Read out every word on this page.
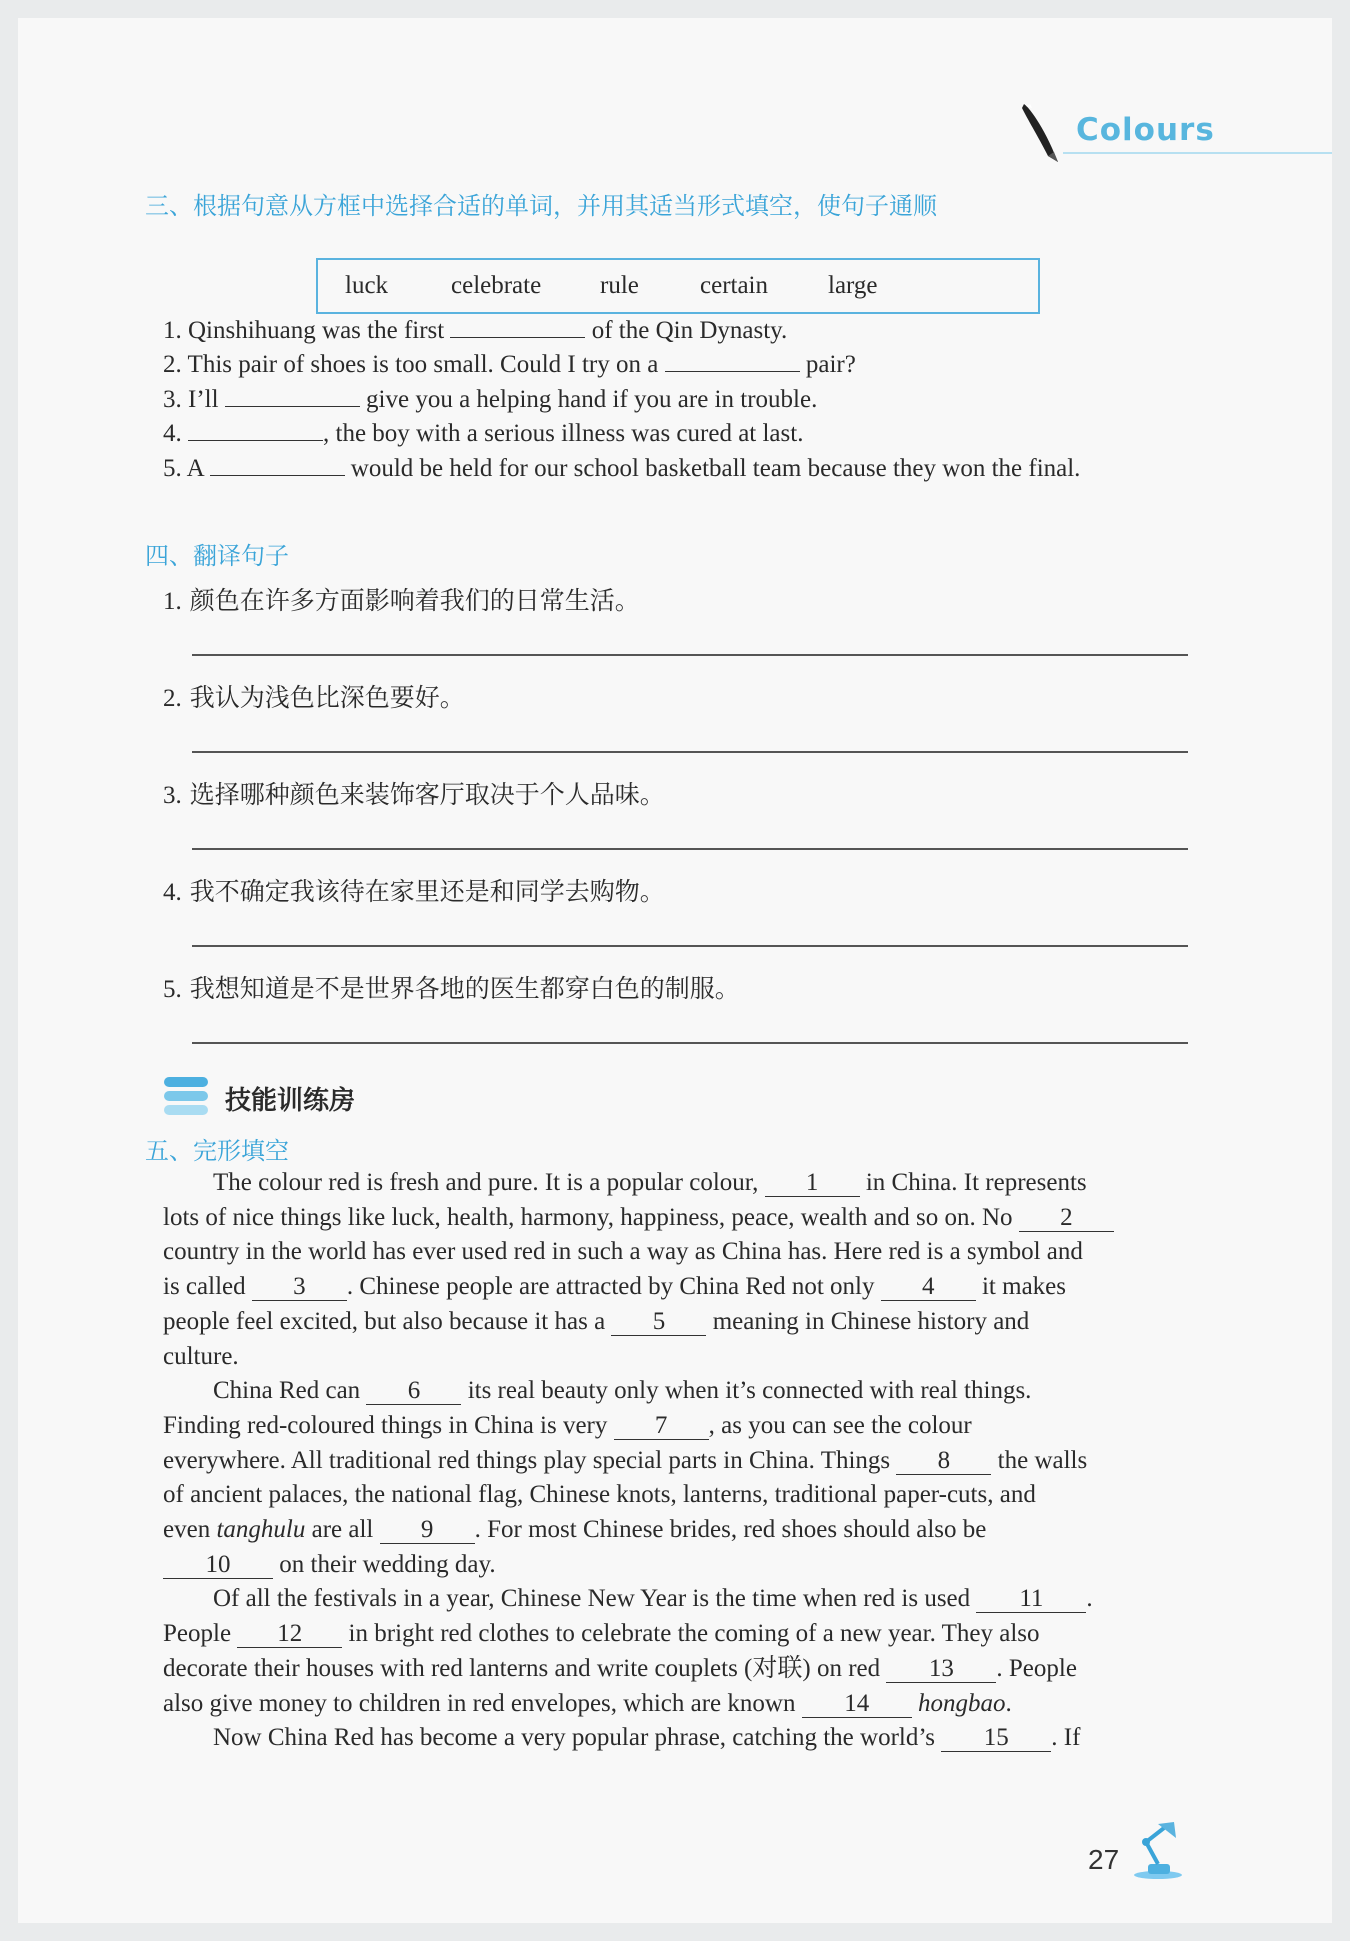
Colours
三、根据句意从方框中选择合适的单词，并用其适当形式填空，使句子通顺
luck	celebrate rule certain large
1. Qinshihuang was the first	of the Qin Dynasty.
2. This pair of shoes is too small. Could I try on a	pair?
3. I’ll	give you a helping hand if you are in trouble.
4.	, the boy with a serious illness was cured at last.
5. A	would be held for our school basketball team because they won the final.
四、翻译句子
1. 颜色在许多方面影响着我们的日常生活。
2. 我认为浅色比深色要好。
3. 选择哪种颜色来装饰客厅取决于个人品味。
4. 我不确定我该待在家里还是和同学去购物。
5. 我想知道是不是世界各地的医生都穿白色的制服。
技能训练房
五、完形填空
The colour red is fresh and pure. It is a popular colour, 1 in China. It represents
lots of nice things like luck, health, harmony, happiness, peace, wealth and so on. No 2
country in the world has ever used red in such a way as China has. Here red is a symbol and
is called 3 . Chinese people are attracted by China Red not only 4 it makes
people feel excited, but also because it has a 5 meaning in Chinese history and
culture.
China Red can 6 its real beauty only when it’s connected with real things.
Finding red-coloured things in China is very 7 , as you can see the colour
everywhere. All traditional red things play special parts in China. Things 8 the walls
of ancient palaces, the national flag, Chinese knots, lanterns, traditional paper-cuts, and
even tanghulu are all 9 . For most Chinese brides, red shoes should also be
10 on their wedding day.
Of all the festivals in a year, Chinese New Year is the time when red is used 11 .
People 12 in bright red clothes to celebrate the coming of a new year. They also
decorate their houses with red lanterns and write couplets (对联) on red 13 . People
also give money to children in red envelopes, which are known 14 hongbao.
Now China Red has become a very popular phrase, catching the world’s 15 . If
27
